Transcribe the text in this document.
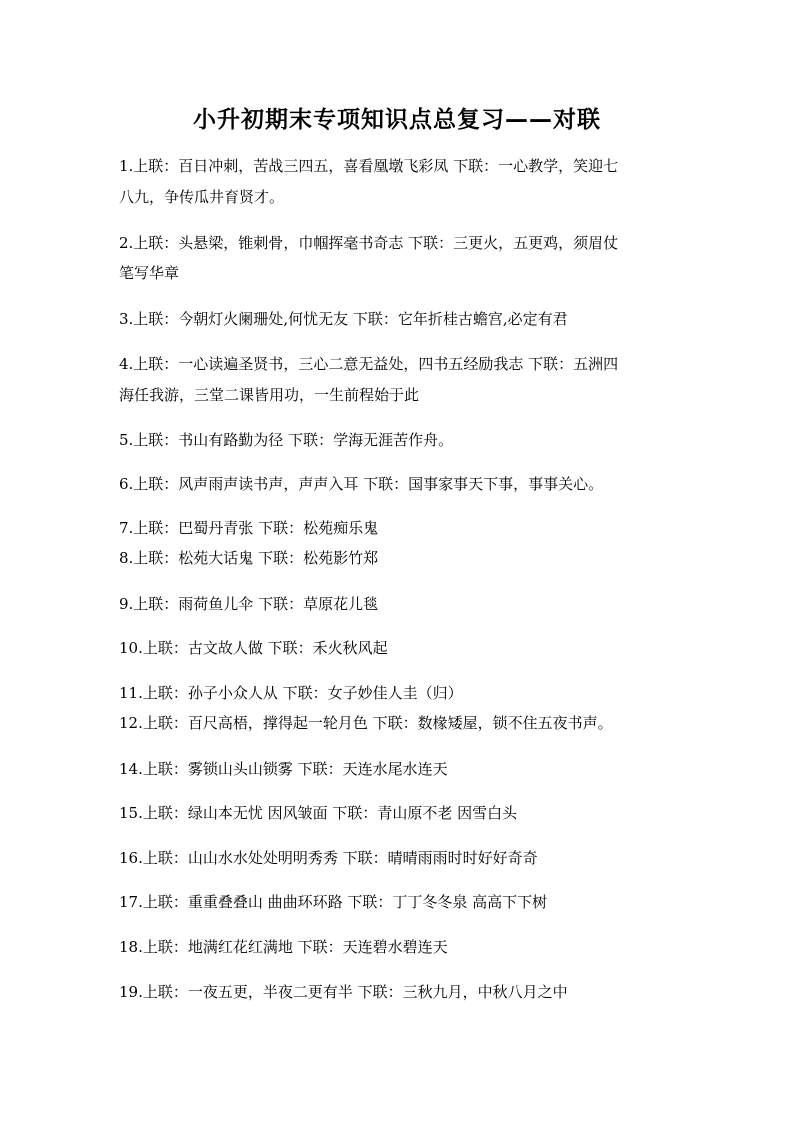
小升初期末专项知识点总复习——对联
1.上联：百日冲刺，苦战三四五，喜看凰墩飞彩凤 下联：一心教学，笑迎七
八九，争传瓜井育贤才。
2.上联：头悬梁，锥刺骨，巾帼挥毫书奇志 下联：三更火，五更鸡，须眉仗
笔写华章
3.上联：今朝灯火阑珊处,何忧无友 下联：它年折桂古蟾宫,必定有君
4.上联：一心读遍圣贤书，三心二意无益处，四书五经励我志 下联：五洲四
海任我游，三堂二课皆用功，一生前程始于此
5.上联：书山有路勤为径 下联：学海无涯苦作舟。
6.上联：风声雨声读书声，声声入耳 下联：国事家事天下事，事事关心。
7.上联：巴蜀丹青张 下联：松苑痴乐鬼
8.上联：松苑大话鬼 下联：松苑影竹郑
9.上联：雨荷鱼儿伞 下联：草原花儿毯
10.上联：古文故人做 下联：禾火秋风起
11.上联：孙子小众人从 下联：女子妙佳人圭（归）
12.上联：百尺高梧，撑得起一轮月色 下联：数椽矮屋，锁不住五夜书声。
14.上联：雾锁山头山锁雾 下联：天连水尾水连天
15.上联：绿山本无忧 因风皱面 下联：青山原不老 因雪白头
16.上联：山山水水处处明明秀秀 下联：晴晴雨雨时时好好奇奇
17.上联：重重叠叠山 曲曲环环路 下联：丁丁冬冬泉 高高下下树
18.上联：地满红花红满地 下联：天连碧水碧连天
19.上联：一夜五更，半夜二更有半 下联：三秋九月，中秋八月之中
